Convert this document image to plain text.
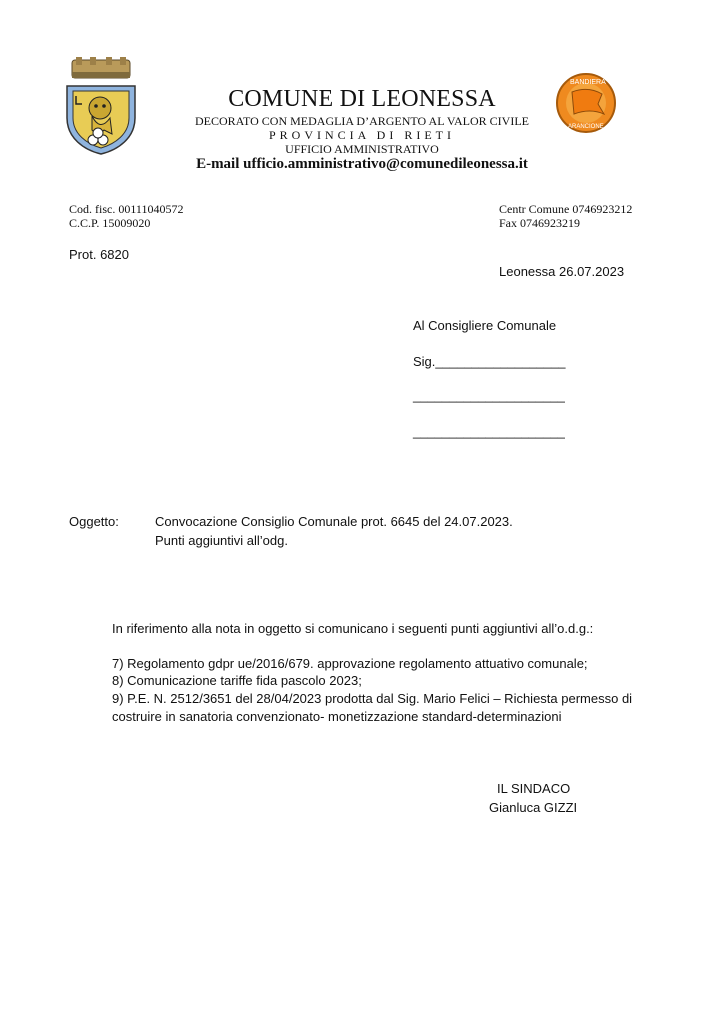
COMUNE DI LEONESSA
DECORATO CON MEDAGLIA D’ARGENTO AL VALOR CIVILE
PROVINCIA DI RIETI
UFFICIO AMMINISTRATIVO
E-mail ufficio.amministrativo@comunedileonessa.it
BANDIERA
ARANCIONE
Cod. fisc. 00111040572
C.C.P. 15009020
Centr Comune 0746923212
Fax 0746923219
Prot. 6820
Leonessa 26.07.2023
Al Consigliere Comunale
Sig.__________________
_____________________
_____________________
Oggetto:	Convocazione Consiglio Comunale prot. 6645 del 24.07.2023.
Punti aggiuntivi all’odg.
In riferimento alla nota in oggetto si comunicano i seguenti punti aggiuntivi all’o.d.g.:
7) Regolamento gdpr ue/2016/679. approvazione regolamento attuativo comunale;
8) Comunicazione tariffe fida pascolo 2023;
9) P.E. N. 2512/3651 del 28/04/2023 prodotta dal Sig. Mario Felici – Richiesta permesso di
costruire in sanatoria convenzionato- monetizzazione standard-determinazioni
IL SINDACO
Gianluca GIZZI
